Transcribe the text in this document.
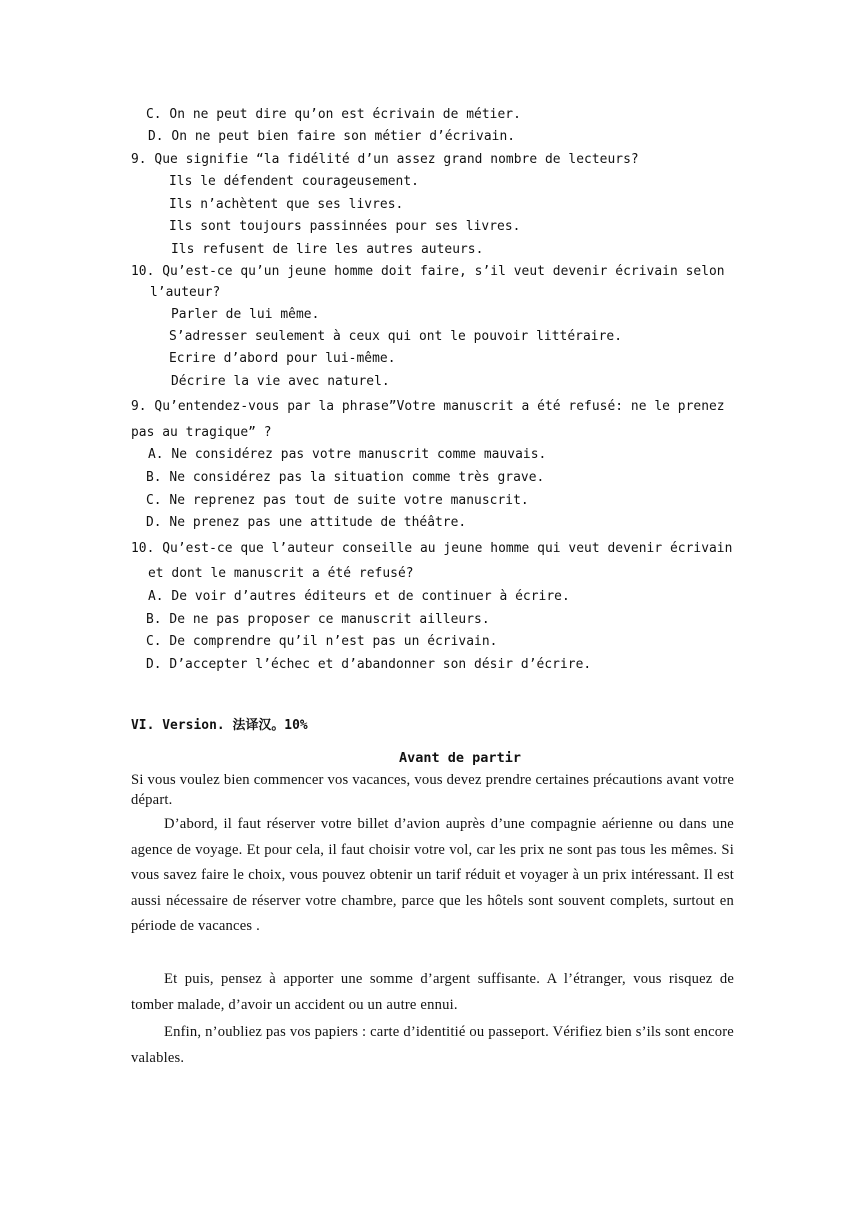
C. On ne peut dire qu’on est écrivain de métier.
D. On ne peut bien faire son métier d’écrivain.
9. Que signifie “la fidélité d’un assez grand nombre de lecteurs?
Ils le défendent courageusement.
Ils n’achètent que ses livres.
Ils sont toujours passinnées pour ses livres.
Ils refusent de lire les autres auteurs.
10. Qu’est-ce qu’un jeune homme doit faire, s’il veut devenir écrivain selon
l’auteur?
Parler de lui même.
S’adresser seulement à ceux qui ont le pouvoir littéraire.
Ecrire d’abord pour lui-même.
Décrire la vie avec naturel.
9. Qu’entendez-vous par la phrase”Votre manuscrit a été refusé: ne le prenez
pas au tragique” ?
A. Ne considérez pas votre manuscrit comme mauvais.
B. Ne considérez pas la situation comme très grave.
C. Ne reprenez pas tout de suite votre manuscrit.
D. Ne prenez pas une attitude de théâtre.
10. Qu’est-ce que l’auteur conseille au jeune homme qui veut devenir écrivain
et dont le manuscrit a été refusé?
A. De voir d’autres éditeurs et de continuer à écrire.
B. De ne pas proposer ce manuscrit ailleurs.
C. De comprendre qu’il n’est pas un écrivain.
D. D’accepter l’échec et d’abandonner son désir d’écrire.
VI. Version. 法译汉。10%
Avant de partir
Si vous voulez bien commencer vos vacances, vous devez prendre certaines précautions avant votre départ.
D’abord, il faut réserver votre billet d’avion auprès d’une compagnie aérienne ou dans une agence de voyage. Et pour cela, il faut choisir votre vol, car les prix ne sont pas tous les mêmes. Si vous savez faire le choix, vous pouvez obtenir un tarif réduit et voyager à un prix intéressant. Il est aussi nécessaire de réserver votre chambre, parce que les hôtels sont souvent complets, surtout en période de vacances .
Et puis, pensez à apporter une somme d’argent suffisante. A l’étranger, vous risquez de tomber malade, d’avoir un accident ou un autre ennui.
Enfin, n’oubliez pas vos papiers : carte d’identitié ou passeport. Vérifiez bien s’ils sont encore valables.
